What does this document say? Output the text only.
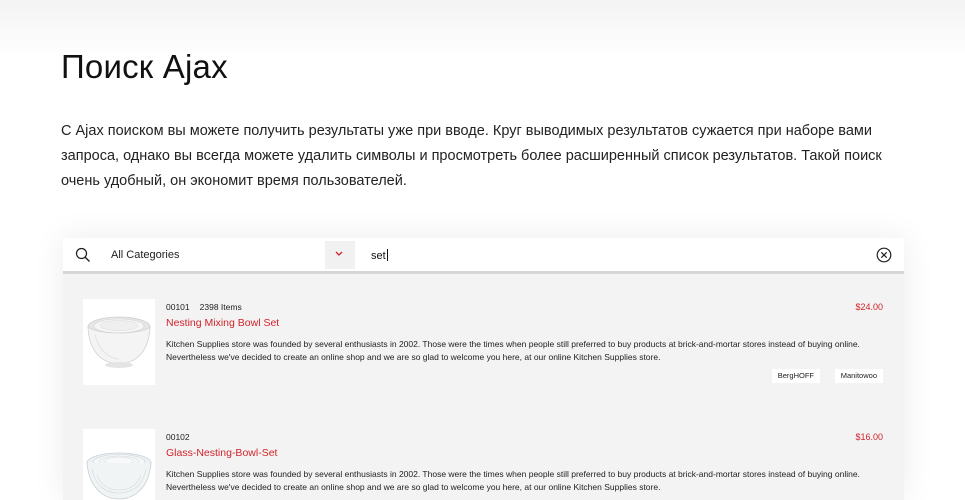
Поиск Ajax

С Ajax поиском вы можете получить результаты уже при вводе. Круг выводимых результатов сужается при наборе вами запроса, однако вы всегда можете удалить символы и просмотреть более расширенный список результатов. Такой поиск очень удобный, он экономит время пользователей.

All Categories	set
00101 2398 Items
Nesting Mixing Bowl Set
Kitchen Supplies store was founded by several enthusiasts in 2002. Those were the times when people still preferred to buy products at brick-and-mortar stores instead of buying online. Nevertheless we've decided to create an online shop and we are so glad to welcome you here, at our online Kitchen Supplies store.
$24.00
BergHOFF	Manitowoo
00102
Glass-Nesting-Bowl-Set
Kitchen Supplies store was founded by several enthusiasts in 2002. Those were the times when people still preferred to buy products at brick-and-mortar stores instead of buying online. Nevertheless we've decided to create an online shop and we are so glad to welcome you here, at our online Kitchen Supplies store.
$16.00
